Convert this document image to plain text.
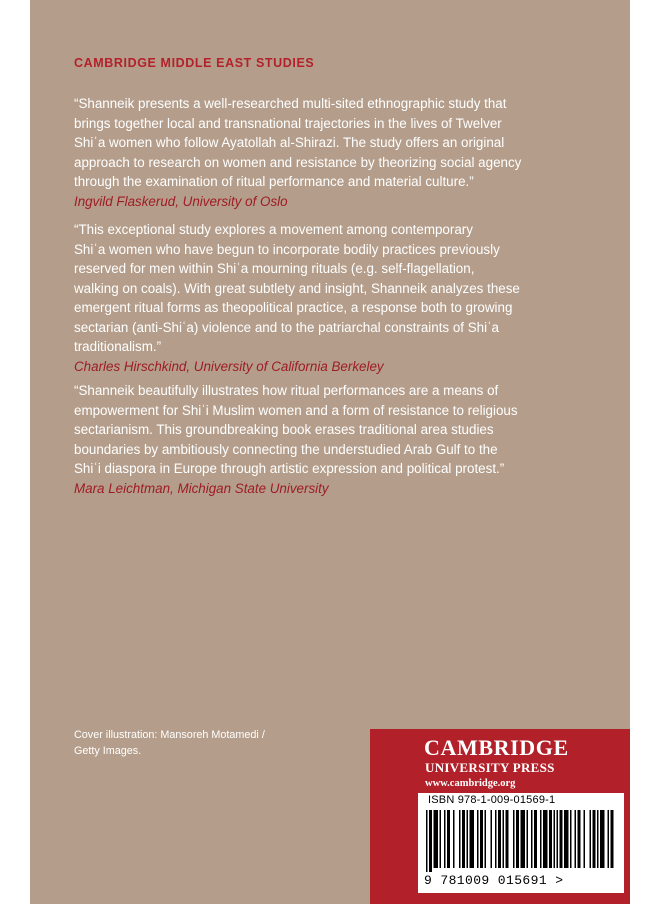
CAMBRIDGE MIDDLE EAST STUDIES

“Shanneik presents a well-researched multi-sited ethnographic study that
brings together local and transnational trajectories in the lives of Twelver
Shiʿa women who follow Ayatollah al-Shirazi. The study offers an original
approach to research on women and resistance by theorizing social agency
through the examination of ritual performance and material culture.”

Ingvild Flaskerud, University of Oslo

“This exceptional study explores a movement among contemporary
Shiʿa women who have begun to incorporate bodily practices previously
reserved for men within Shiʿa mourning rituals (e.g. self-flagellation,
walking on coals). With great subtlety and insight, Shanneik analyzes these
emergent ritual forms as theopolitical practice, a response both to growing
sectarian (anti-Shiʿa) violence and to the patriarchal constraints of Shiʿa
traditionalism.”

Charles Hirschkind, University of California Berkeley

“Shanneik beautifully illustrates how ritual performances are a means of
empowerment for Shiʿi Muslim women and a form of resistance to religious
sectarianism. This groundbreaking book erases traditional area studies
boundaries by ambitiously connecting the understudied Arab Gulf to the
Shiʿi diaspora in Europe through artistic expression and political protest.”

Mara Leichtman, Michigan State University

Cover illustration: Mansoreh Motamedi /
Getty Images.	CAMBRIDGE

UNIVERSITY PRESS

www.cambridge.org

ISBN 978-1-009-01569-1

9 781009 015691 >
